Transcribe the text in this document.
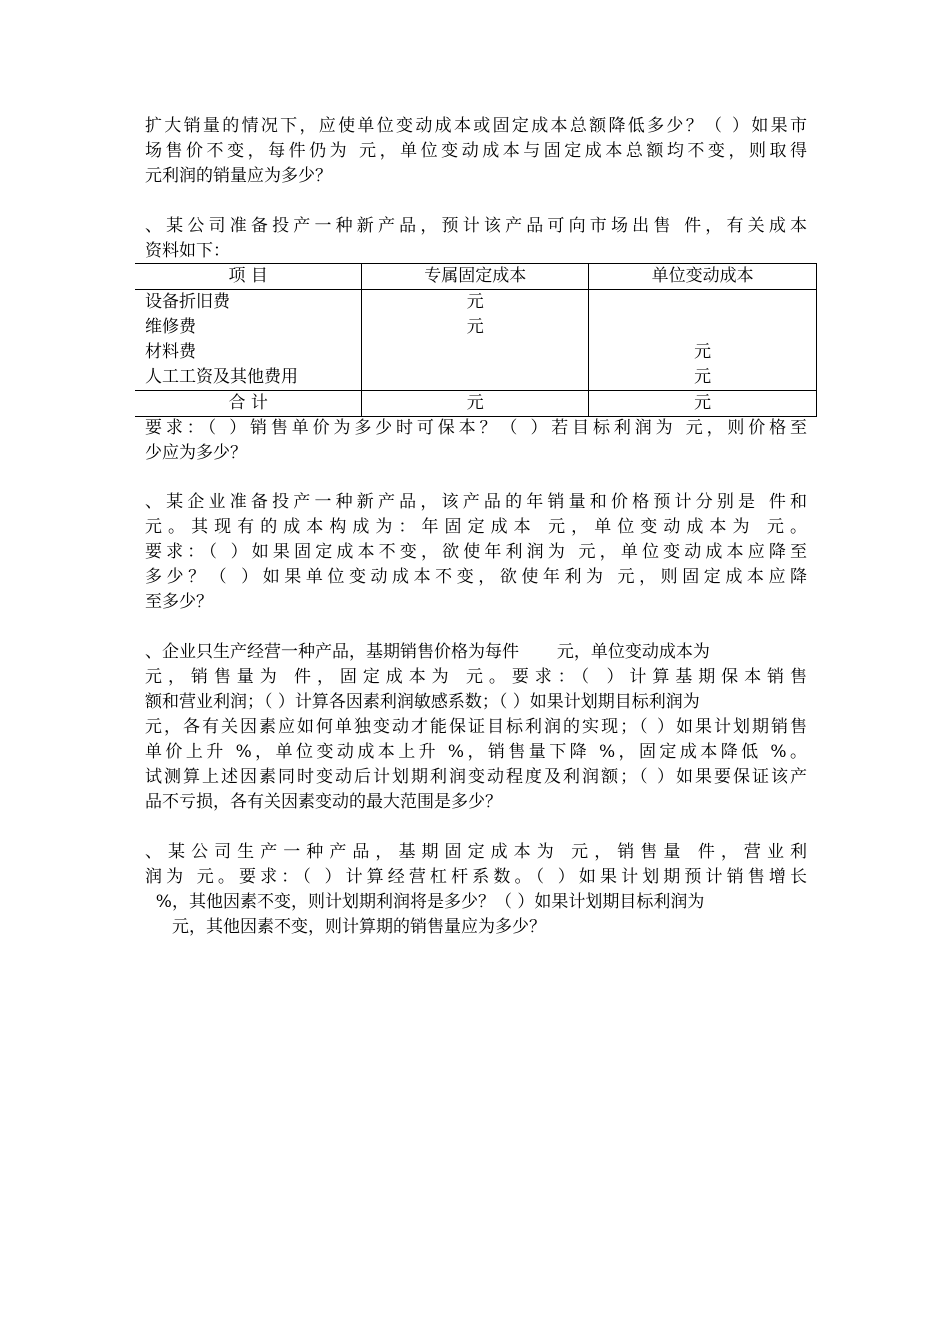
扩大销量的情况下，应使单位变动成本或固定成本总额降低多少？（ ）如果市
场售价不变，每件仍为 元，单位变动成本与固定成本总额均不变，则取得
元利润的销量应为多少？
、某公司准备投产一种新产品，预计该产品可向市场出售 件，有关成本
资料如下：
项 目	专属固定成本	单位变动成本
设备折旧费	元	
维修费	元	
材料费		元
人工工资及其他费用		元
合 计	元	元
要求：（ ）销售单价为多少时可保本？（ ）若目标利润为 元，则价格至
少应为多少？
、某企业准备投产一种新产品，该产品的年销量和价格预计分别是 件和
元。其现有的成本构成为：年固定成本 元，单位变动成本为 元。
要求：（ ）如果固定成本不变，欲使年利润为 元，单位变动成本应降至
多少？（ ）如果单位变动成本不变，欲使年利为 元，则固定成本应降
至多少？
、企业只生产经营一种产品，基期销售价格为每件       元，单位变动成本为
元，销售量为 件，固定成本为 元。要求：（ ）计算基期保本销售
额和营业利润；（ ）计算各因素利润敏感系数；（ ）如果计划期目标利润为
元，各有关因素应如何单独变动才能保证目标利润的实现；（ ）如果计划期销售
单价上升 %，单位变动成本上升 %，销售量下降 %，固定成本降低 %。
试测算上述因素同时变动后计划期利润变动程度及利润额；（ ）如果要保证该产
品不亏损，各有关因素变动的最大范围是多少？
、某公司生产一种产品，基期固定成本为 元，销售量 件，营业利
润为 元。要求：（ ）计算经营杠杆系数。（ ）如果计划期预计销售增长
%，其他因素不变，则计划期利润将是多少？（ ）如果计划期目标利润为
元，其他因素不变，则计算期的销售量应为多少？
